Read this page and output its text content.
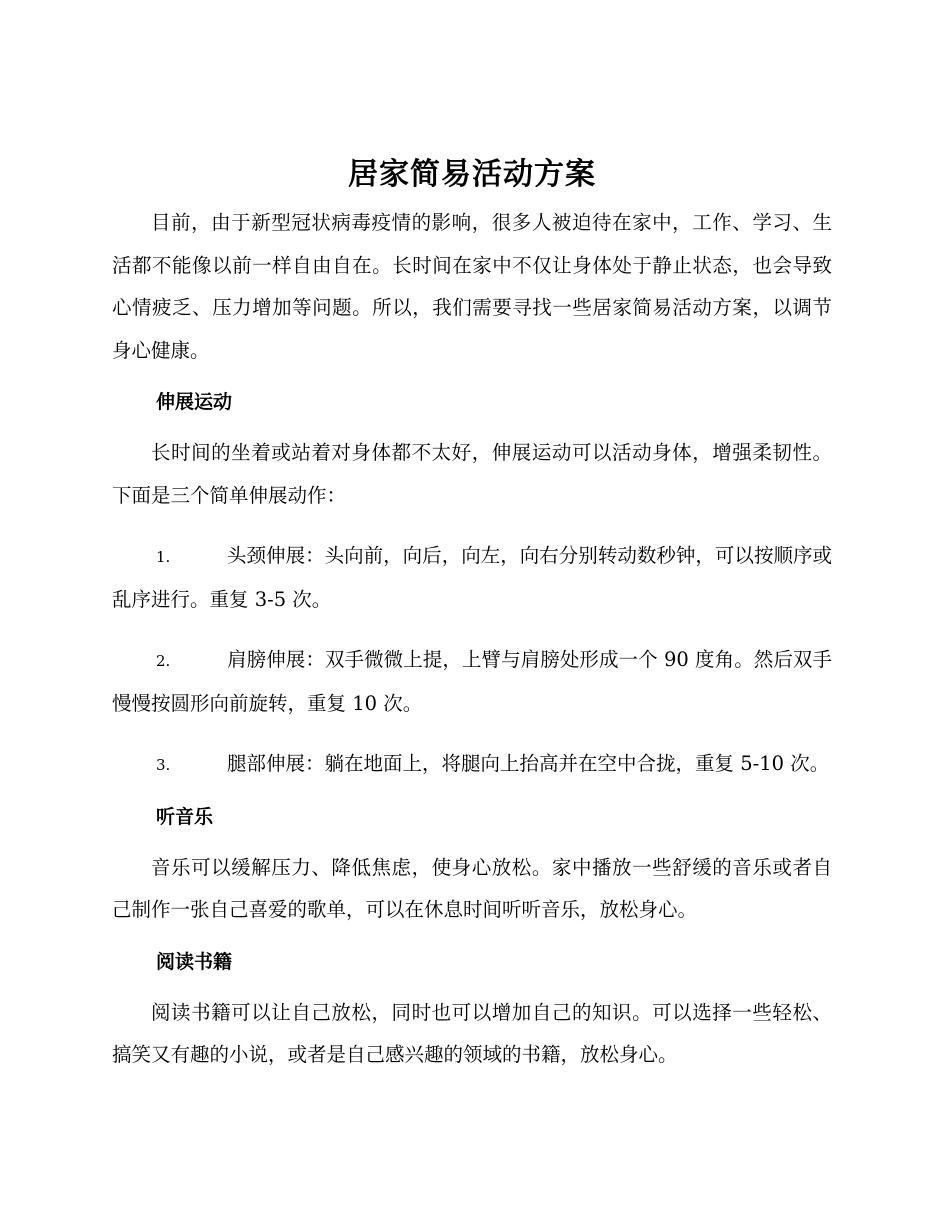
居家简易活动方案

目前，由于新型冠状病毒疫情的影响，很多人被迫待在家中，工作、学习、生活都不能像以前一样自由自在。长时间在家中不仅让身体处于静止状态，也会导致心情疲乏、压力增加等问题。所以，我们需要寻找一些居家简易活动方案，以调节身心健康。

伸展运动

长时间的坐着或站着对身体都不太好，伸展运动可以活动身体，增强柔韧性。下面是三个简单伸展动作：

1.	头颈伸展：头向前，向后，向左，向右分别转动数秒钟，可以按顺序或乱序进行。重复 3-5 次。

2.	肩膀伸展：双手微微上提，上臂与肩膀处形成一个 90 度角。然后双手慢慢按圆形向前旋转，重复 10 次。

3.	腿部伸展：躺在地面上，将腿向上抬高并在空中合拢，重复 5-10 次。

听音乐

音乐可以缓解压力、降低焦虑，使身心放松。家中播放一些舒缓的音乐或者自己制作一张自己喜爱的歌单，可以在休息时间听听音乐，放松身心。

阅读书籍

阅读书籍可以让自己放松，同时也可以增加自己的知识。可以选择一些轻松、搞笑又有趣的小说，或者是自己感兴趣的领域的书籍，放松身心。
